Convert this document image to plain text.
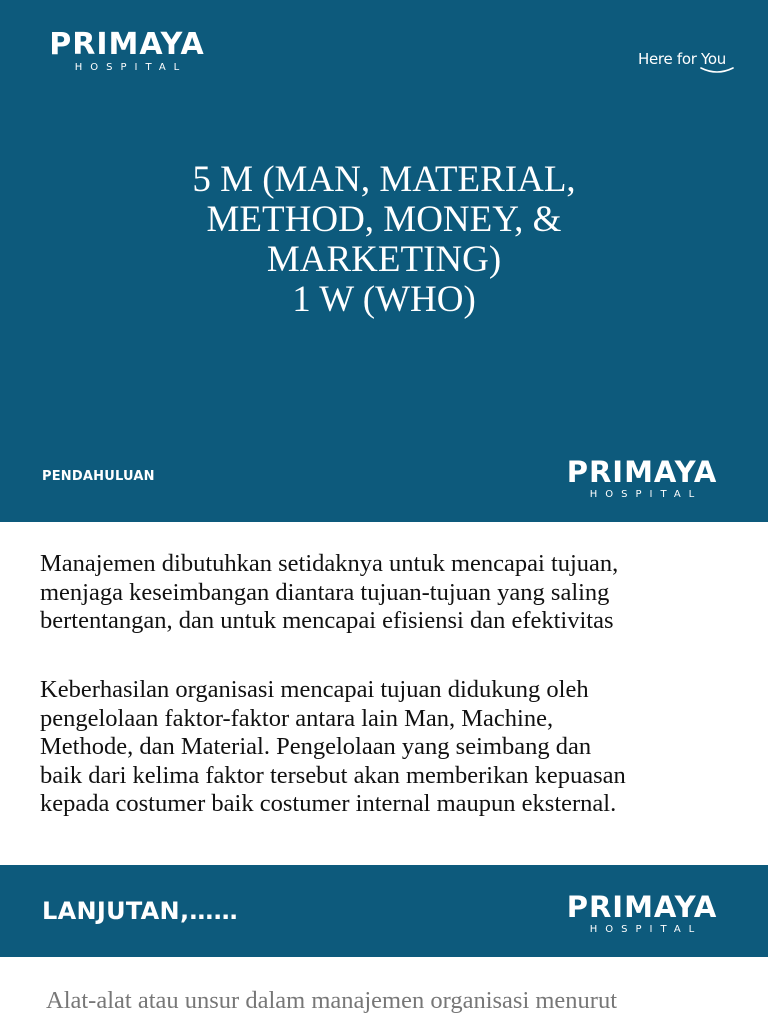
PRIMAYA
HOSPITAL	Here for You
5 M (MAN, MATERIAL,
METHOD, MONEY, &
MARKETING)
1 W (WHO)
PENDAHULUAN	PRIMAYA
HOSPITAL
Manajemen dibutuhkan setidaknya untuk mencapai tujuan,
menjaga keseimbangan diantara tujuan-tujuan yang saling
bertentangan, dan untuk mencapai efisiensi dan efektivitas
Keberhasilan organisasi mencapai tujuan didukung oleh
pengelolaan faktor-faktor antara lain Man, Machine,
Methode, dan Material. Pengelolaan yang seimbang dan
baik dari kelima faktor tersebut akan memberikan kepuasan
kepada costumer baik costumer internal maupun eksternal.
LANJUTAN,……	PRIMAYA
HOSPITAL
Alat-alat atau unsur dalam manajemen organisasi menurut
